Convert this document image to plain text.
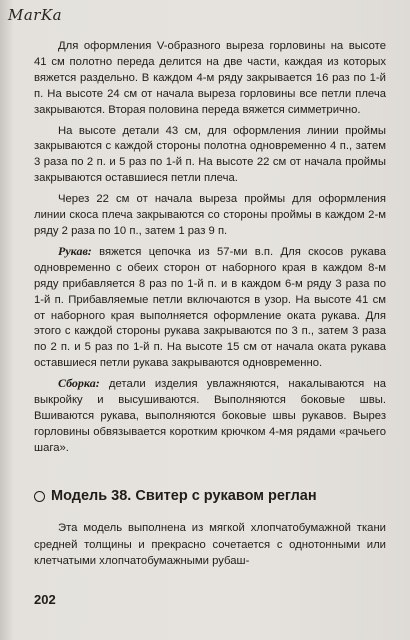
MarKa

Для оформления V-образного выреза горловины на высоте 41 см полотно переда делится на две части, каждая из которых вяжется раздельно. В каждом 4-м ряду закрывается 16 раз по 1-й п. На высоте 24 см от начала выреза горловины все петли плеча закрываются. Вторая половина переда вяжется симметрично.

На высоте детали 43 см, для оформления линии проймы закрываются с каждой стороны полотна одновременно 4 п., затем 3 раза по 2 п. и 5 раз по 1-й п. На высоте 22 см от начала проймы закрываются оставшиеся петли плеча.

Через 22 см от начала выреза проймы для оформления линии скоса плеча закрываются со стороны проймы в каждом 2-м ряду 2 раза по 10 п., затем 1 раз 9 п.

Рукав: вяжется цепочка из 57-ми в.п. Для скосов рукава одновременно с обеих сторон от наборного края в каждом 8-м ряду прибавляется 8 раз по 1-й п. и в каждом 6-м ряду 3 раза по 1-й п. Прибавляемые петли включаются в узор. На высоте 41 см от наборного края выполняется оформление оката рукава. Для этого с каждой стороны рукава закрываются по 3 п., затем 3 раза по 2 п. и 5 раз по 1-й п. На высоте 15 см от начала оката рукава оставшиеся петли рукава закрываются одновременно.

Сборка: детали изделия увлажняются, накалываются на выкройку и высушиваются. Выполняются боковые швы. Вшиваются рукава, выполняются боковые швы рукавов. Вырез горловины обвязывается коротким крючком 4-мя рядами «рачьего шага».

Модель 38. Свитер с рукавом реглан

Эта модель выполнена из мягкой хлопчатобумажной ткани средней толщины и прекрасно сочетается с однотонными или клетчатыми хлопчатобумажными рубаш-

202
